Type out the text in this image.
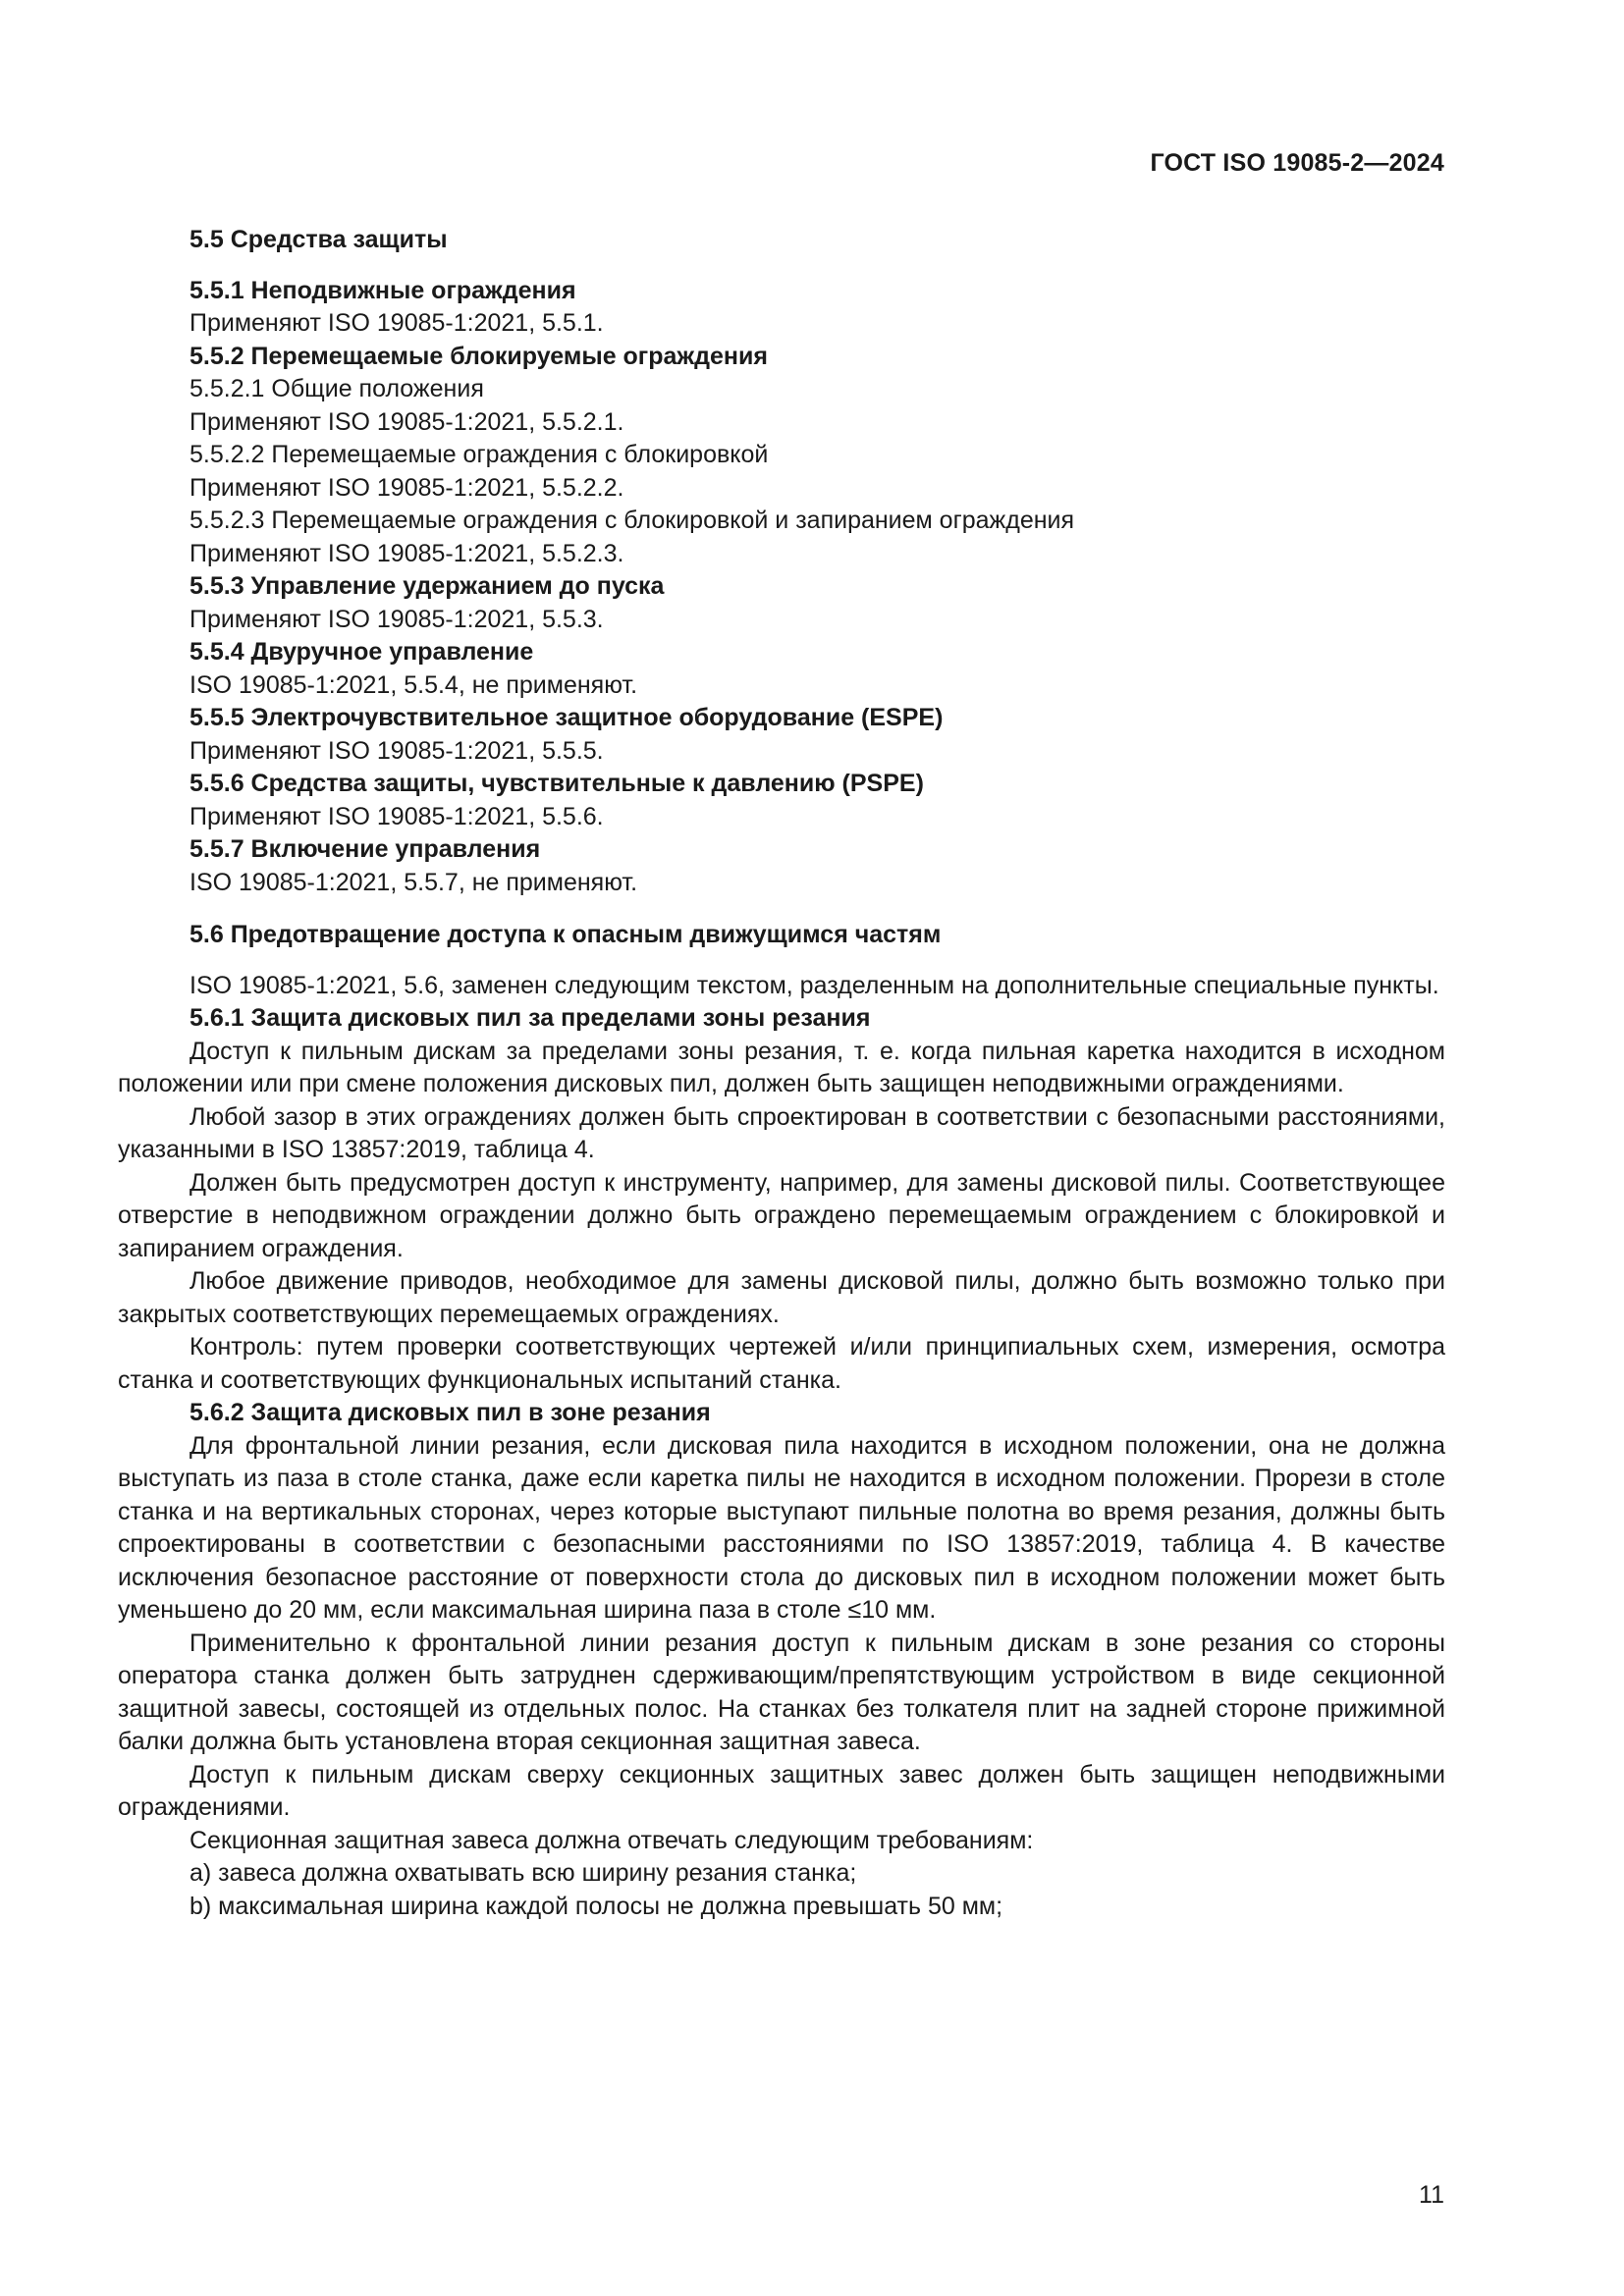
ГОСТ ISO 19085-2—2024
5.5 Средства защиты
5.5.1 Неподвижные ограждения
Применяют ISO 19085-1:2021, 5.5.1.
5.5.2 Перемещаемые блокируемые ограждения
5.5.2.1 Общие положения
Применяют ISO 19085-1:2021, 5.5.2.1.
5.5.2.2 Перемещаемые ограждения с блокировкой
Применяют ISO 19085-1:2021, 5.5.2.2.
5.5.2.3 Перемещаемые ограждения с блокировкой и запиранием ограждения
Применяют ISO 19085-1:2021, 5.5.2.3.
5.5.3 Управление удержанием до пуска
Применяют ISO 19085-1:2021, 5.5.3.
5.5.4 Двуручное управление
ISO 19085-1:2021, 5.5.4, не применяют.
5.5.5 Электрочувствительное защитное оборудование (ESPE)
Применяют ISO 19085-1:2021, 5.5.5.
5.5.6 Средства защиты, чувствительные к давлению (PSPE)
Применяют ISO 19085-1:2021, 5.5.6.
5.5.7 Включение управления
ISO 19085-1:2021, 5.5.7, не применяют.
5.6 Предотвращение доступа к опасным движущимся частям
ISO 19085-1:2021, 5.6, заменен следующим текстом, разделенным на дополнительные специальные пункты.
5.6.1 Защита дисковых пил за пределами зоны резания
Доступ к пильным дискам за пределами зоны резания, т. е. когда пильная каретка находится в исходном положении или при смене положения дисковых пил, должен быть защищен неподвижными ограждениями.
Любой зазор в этих ограждениях должен быть спроектирован в соответствии с безопасными расстояниями, указанными в ISO 13857:2019, таблица 4.
Должен быть предусмотрен доступ к инструменту, например, для замены дисковой пилы. Соответствующее отверстие в неподвижном ограждении должно быть ограждено перемещаемым ограждением с блокировкой и запиранием ограждения.
Любое движение приводов, необходимое для замены дисковой пилы, должно быть возможно только при закрытых соответствующих перемещаемых ограждениях.
Контроль: путем проверки соответствующих чертежей и/или принципиальных схем, измерения, осмотра станка и соответствующих функциональных испытаний станка.
5.6.2 Защита дисковых пил в зоне резания
Для фронтальной линии резания, если дисковая пила находится в исходном положении, она не должна выступать из паза в столе станка, даже если каретка пилы не находится в исходном положении. Прорези в столе станка и на вертикальных сторонах, через которые выступают пильные полотна во время резания, должны быть спроектированы в соответствии с безопасными расстояниями по ISO 13857:2019, таблица 4. В качестве исключения безопасное расстояние от поверхности стола до дисковых пил в исходном положении может быть уменьшено до 20 мм, если максимальная ширина паза в столе ≤10 мм.
Применительно к фронтальной линии резания доступ к пильным дискам в зоне резания со стороны оператора станка должен быть затруднен сдерживающим/препятствующим устройством в виде секционной защитной завесы, состоящей из отдельных полос. На станках без толкателя плит на задней стороне прижимной балки должна быть установлена вторая секционная защитная завеса.
Доступ к пильным дискам сверху секционных защитных завес должен быть защищен неподвижными ограждениями.
Секционная защитная завеса должна отвечать следующим требованиям:
a) завеса должна охватывать всю ширину резания станка;
b) максимальная ширина каждой полосы не должна превышать 50 мм;
11
